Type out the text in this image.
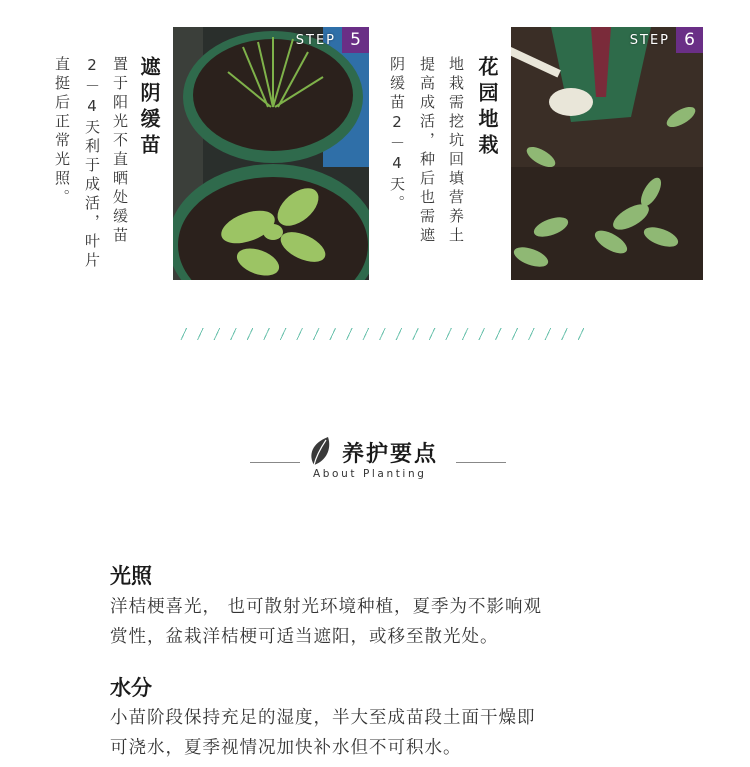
遮阴缓苗
置于阳光不直晒处缓苗
2－4天利于成活，叶片
直挺后正常光照。
STEP 5
花园地栽
地栽需挖坑回填营养土
提高成活，种后也需遮
阴缓苗2－4天。
STEP 6
养护要点
About Planting
光照
洋桔梗喜光， 也可散射光环境种植，夏季为不影响观
赏性，盆栽洋桔梗可适当遮阳，或移至散光处。
水分
小苗阶段保持充足的湿度，半大至成苗段土面干燥即
可浇水，夏季视情况加快补水但不可积水。
